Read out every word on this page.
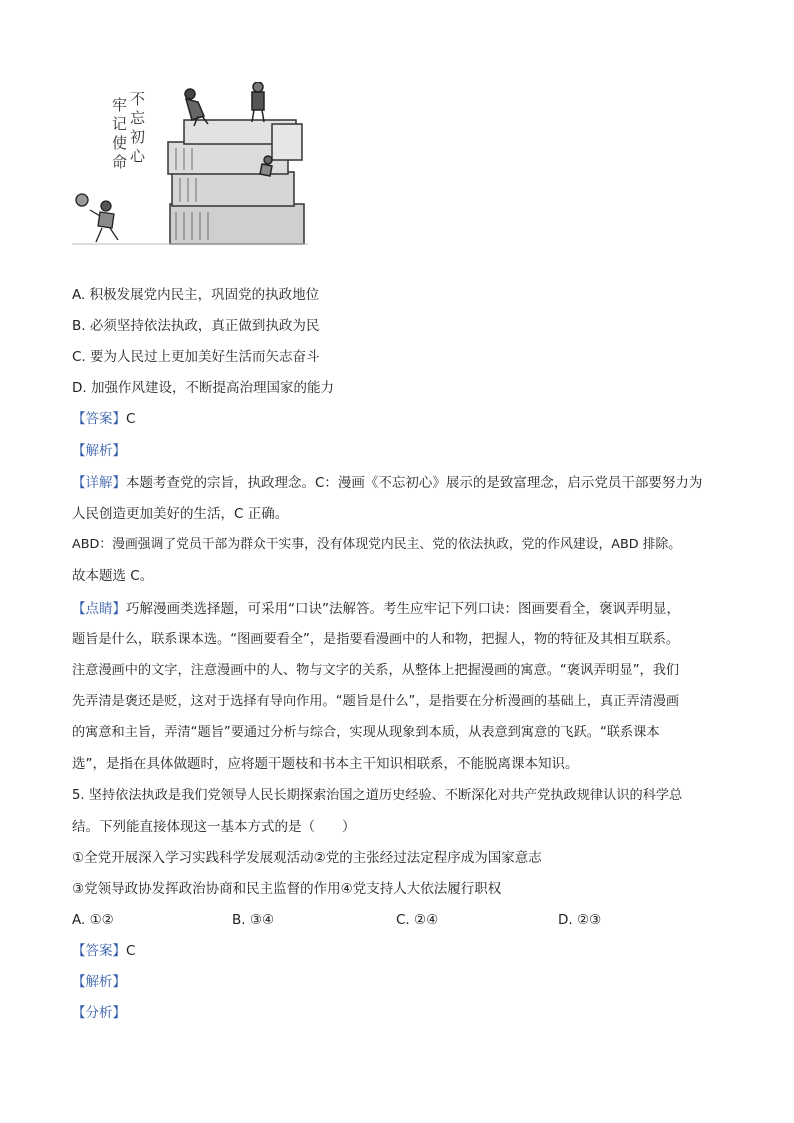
牢
记
使
命
不
忘
初
心
A. 积极发展党内民主，巩固党的执政地位
B. 必须坚持依法执政，真正做到执政为民
C. 要为人民过上更加美好生活而矢志奋斗
D. 加强作风建设，不断提高治理国家的能力
【答案】C
【解析】
【详解】本题考查党的宗旨，执政理念。C：漫画《不忘初心》展示的是致富理念，启示党员干部要努力为
人民创造更加美好的生活，C 正确。
ABD：漫画强调了党员干部为群众干实事，没有体现党内民主、党的依法执政，党的作风建设，ABD 排除。
故本题选 C。
【点睛】巧解漫画类选择题，可采用“口诀”法解答。考生应牢记下列口诀：图画要看全，褒讽弄明显，
题旨是什么，联系课本选。“图画要看全”，是指要看漫画中的人和物，把握人，物的特征及其相互联系。
注意漫画中的文字，注意漫画中的人、物与文字的关系，从整体上把握漫画的寓意。“褒讽弄明显”，我们
先弄清是褒还是贬，这对于选择有导向作用。“题旨是什么”，是指要在分析漫画的基础上，真正弄清漫画
的寓意和主旨，弄清“题旨”要通过分析与综合，实现从现象到本质，从表意到寓意的飞跃。“联系课本
选”，是指在具体做题时，应将题干题枝和书本主干知识相联系，不能脱离课本知识。
5. 坚持依法执政是我们党领导人民长期探索治国之道历史经验、不断深化对共产党执政规律认识的科学总
结。下列能直接体现这一基本方式的是（　　）
①全党开展深入学习实践科学发展观活动②党的主张经过法定程序成为国家意志
③党领导政协发挥政治协商和民主监督的作用④党支持人大依法履行职权
A. ①②	B. ③④	C. ②④	D. ②③
【答案】C
【解析】
【分析】
